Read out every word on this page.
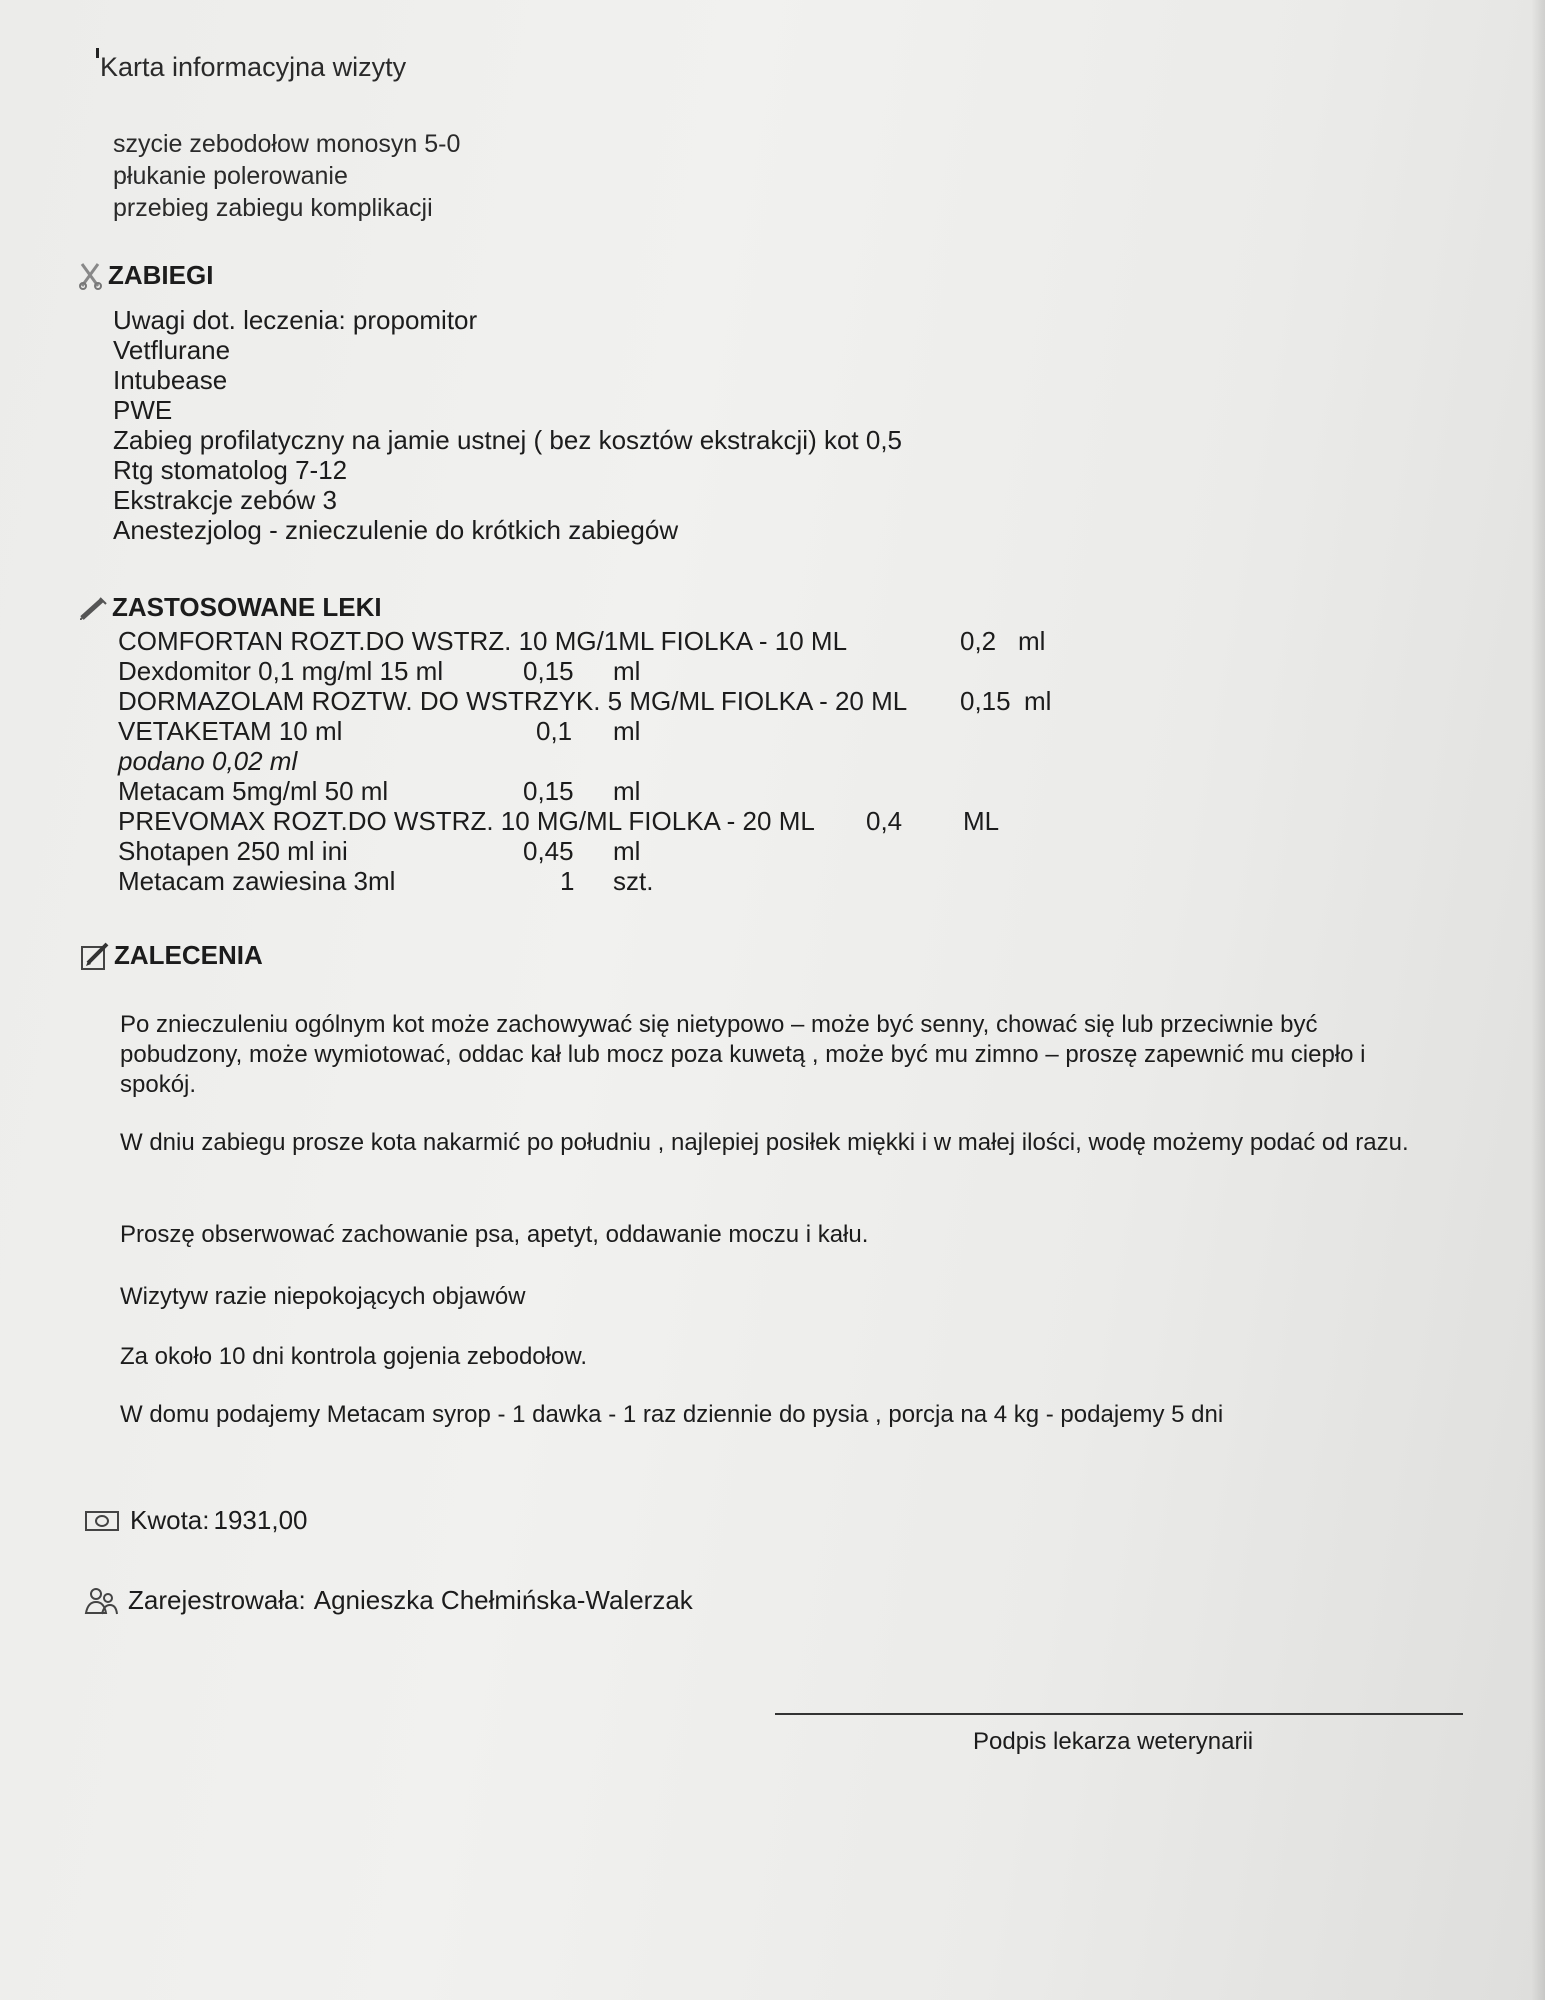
Karta informacyjna wizyty
szycie zebodołow monosyn 5-0
płukanie polerowanie
przebieg zabiegu komplikacji
ZABIEGI
Uwagi dot. leczenia: propomitor
Vetflurane
Intubease
PWE
Zabieg profilatyczny na jamie ustnej ( bez kosztów ekstrakcji) kot 0,5
Rtg stomatolog 7-12
Ekstrakcje zebów 3
Anestezjolog - znieczulenie do krótkich zabiegów
ZASTOSOWANE LEKI
COMFORTAN ROZT.DO WSTRZ. 10 MG/1ML FIOLKA - 10 ML	0,2 ml
Dexdomitor 0,1 mg/ml 15 ml	0,15 ml
DORMAZOLAM ROZTW. DO WSTRZYK. 5 MG/ML FIOLKA - 20 ML 0,15 ml
VETAKETAM 10 ml	0,1 ml
podano 0,02 ml
Metacam 5mg/ml 50 ml	0,15 ml
PREVOMAX ROZT.DO WSTRZ. 10 MG/ML FIOLKA - 20 ML 0,4 ML
Shotapen 250 ml ini	0,45 ml
Metacam zawiesina 3ml	1 szt.
ZALECENIA
Po znieczuleniu ogólnym kot może zachowywać się nietypowo – może być senny, chować się lub przeciwnie być pobudzony, może wymiotować, oddac kał lub mocz poza kuwetą , może być mu zimno – proszę zapewnić mu ciepło i spokój.
W dniu zabiegu prosze kota nakarmić po południu , najlepiej posiłek miękki i w małej ilości, wodę możemy podać od razu.
Proszę obserwować zachowanie psa, apetyt, oddawanie moczu i kału.
Wizytyw razie niepokojących objawów
Za około 10 dni kontrola gojenia zebodołow.
W domu podajemy Metacam syrop - 1 dawka - 1 raz dziennie do pysia , porcja na 4 kg - podajemy 5 dni
Kwota: 1931,00
Zarejestrowała: Agnieszka Chełmińska-Walerzak
Podpis lekarza weterynarii
